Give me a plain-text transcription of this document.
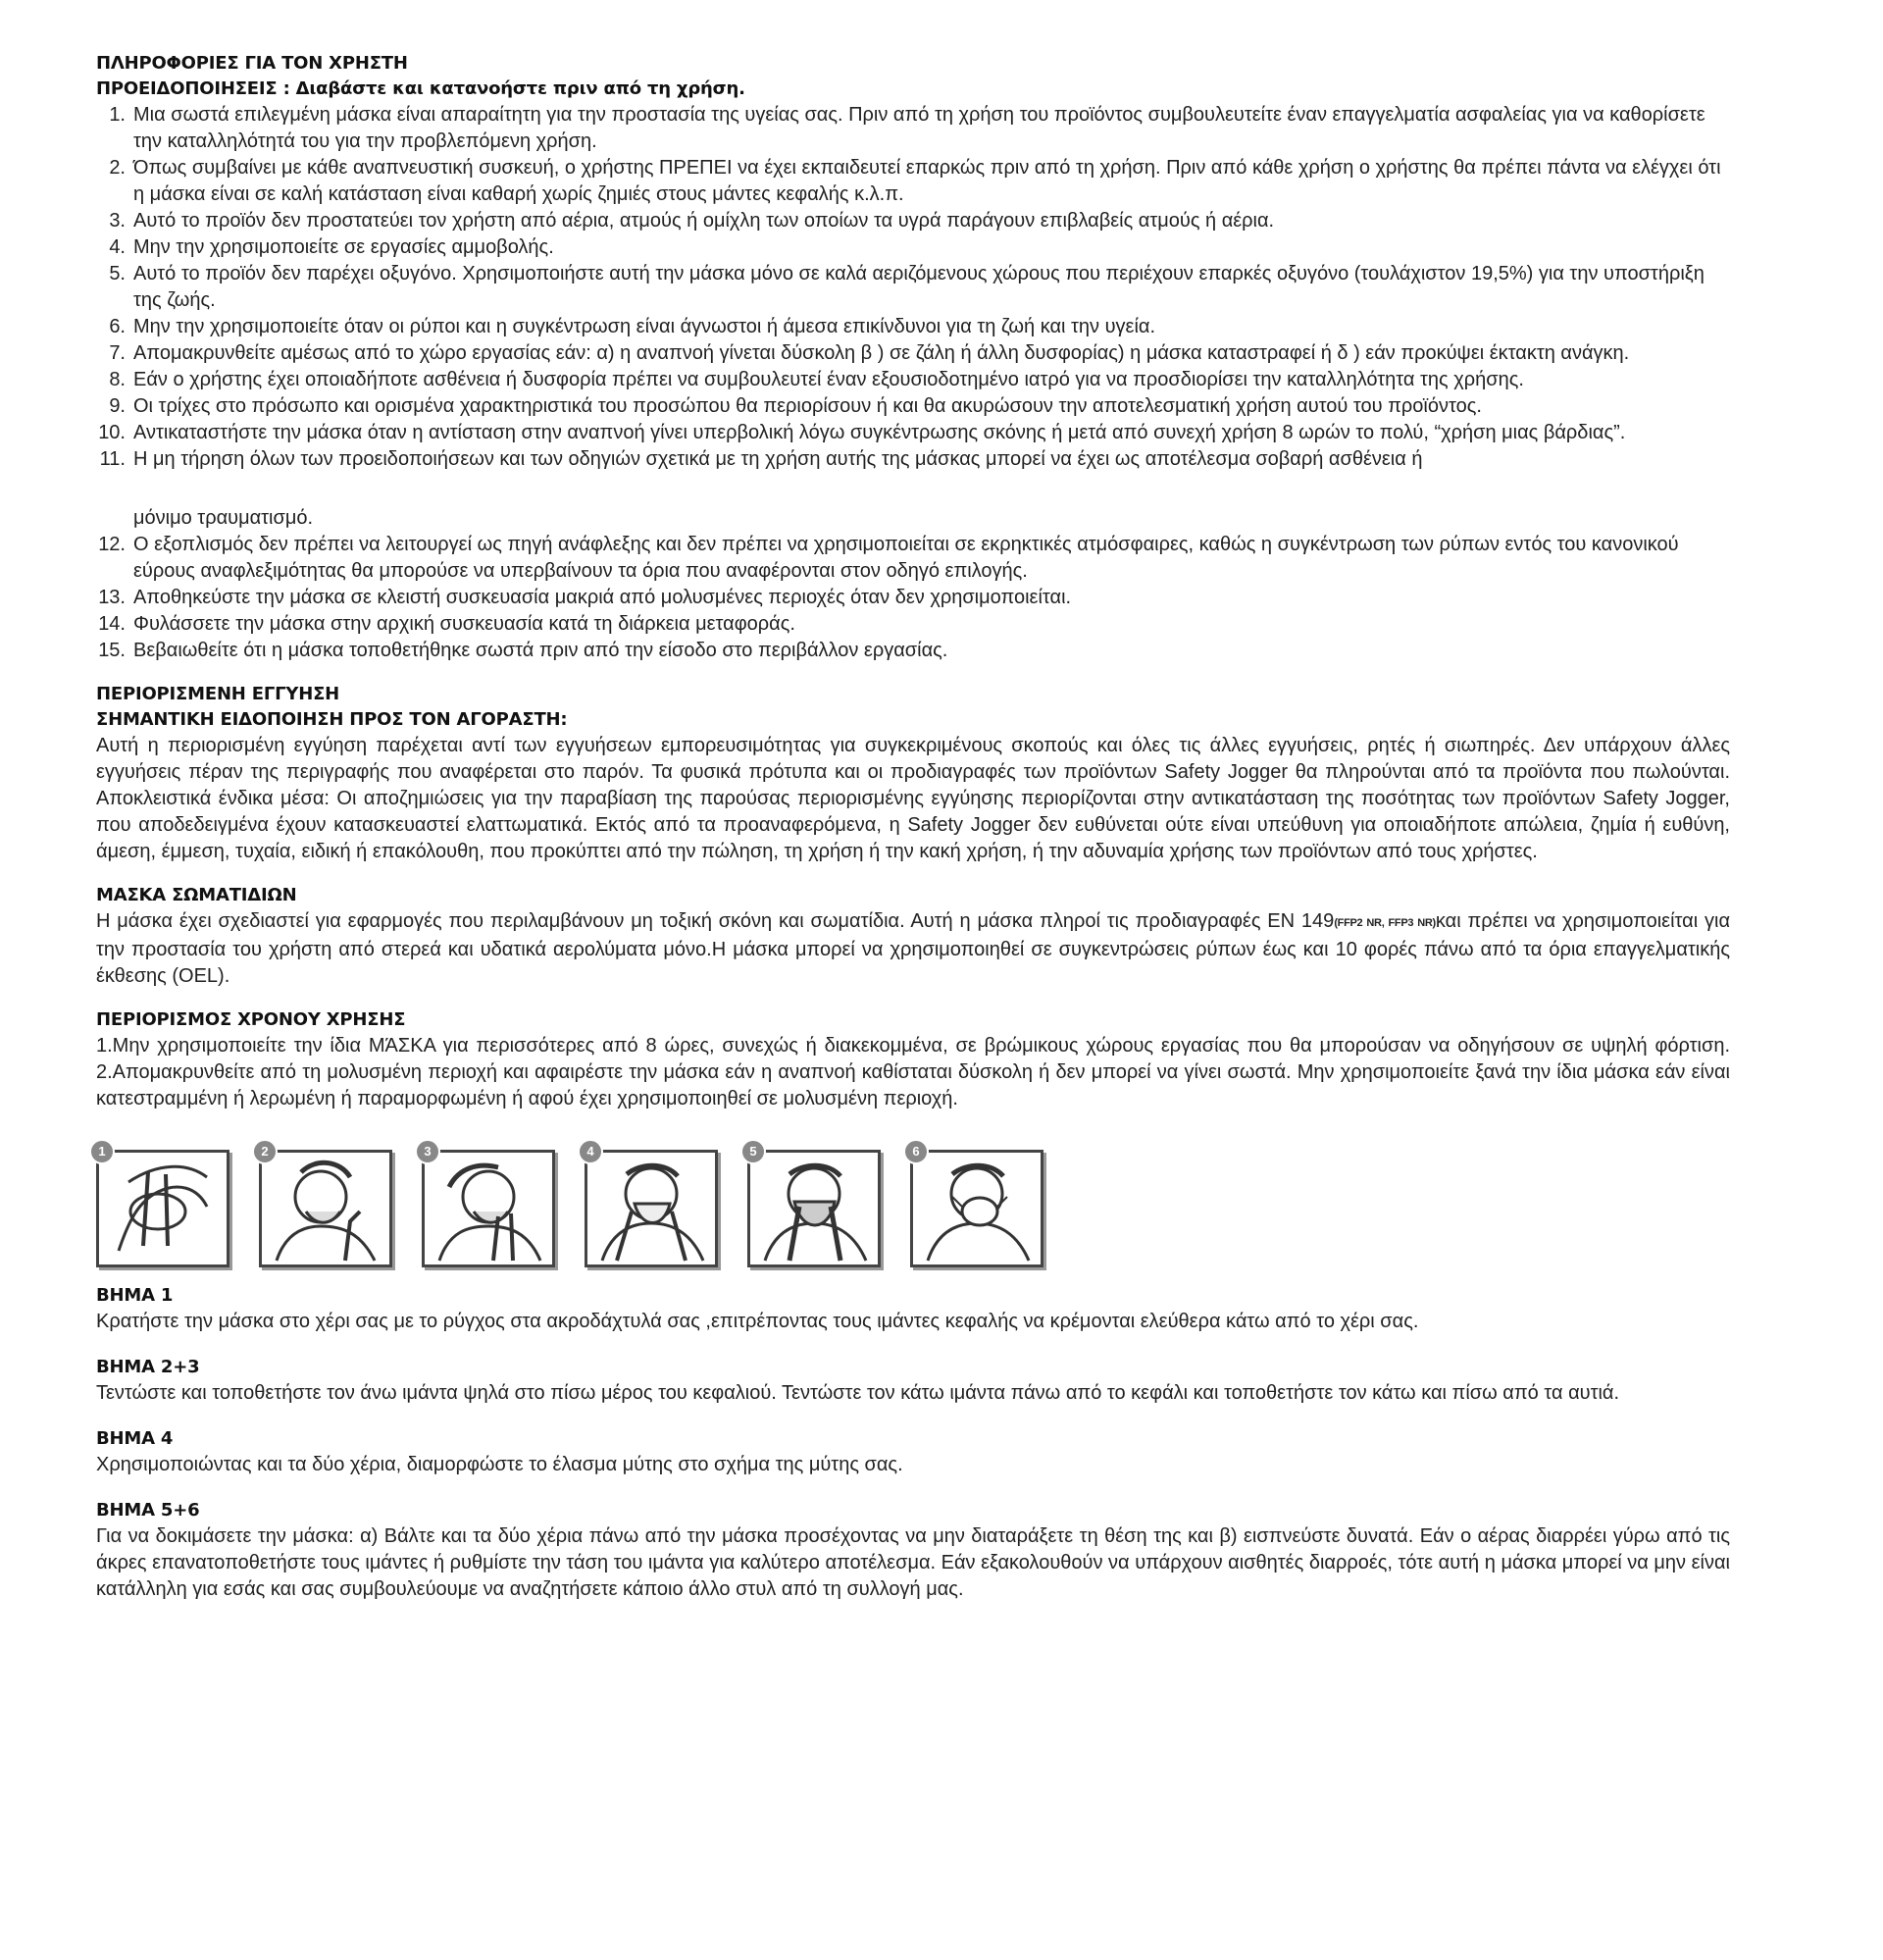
ΠΛΗΡΟΦΟΡΙΕΣ ΓΙΑ ΤΟΝ ΧΡΗΣΤΗ
ΠΡΟΕΙΔΟΠΟΙΗΣΕΙΣ : Διαβάστε και κατανοήστε πριν από τη χρήση.
1. Μια σωστά επιλεγμένη μάσκα είναι απαραίτητη για την προστασία της υγείας σας. Πριν από τη χρήση του προϊόντος συμβουλευτείτε έναν επαγγελματία ασφαλείας για να καθορίσετε την καταλληλότητά του για την προβλεπόμενη χρήση.
2. Όπως συμβαίνει με κάθε αναπνευστική συσκευή, ο χρήστης ΠΡΕΠΕΙ να έχει εκπαιδευτεί επαρκώς πριν από τη χρήση. Πριν από κάθε χρήση ο χρήστης θα πρέπει πάντα να ελέγχει ότι η μάσκα είναι σε καλή κατάσταση είναι καθαρή χωρίς ζημιές στους μάντες κεφαλής κ.λ.π.
3. Αυτό το προϊόν δεν προστατεύει τον χρήστη από αέρια, ατμούς ή ομίχλη των οποίων τα υγρά παράγουν επιβλαβείς ατμούς ή αέρια.
4. Μην την χρησιμοποιείτε σε εργασίες αμμοβολής.
5. Αυτό το προϊόν δεν παρέχει οξυγόνο. Χρησιμοποιήστε αυτή την μάσκα μόνο σε καλά αεριζόμενους χώρους που περιέχουν επαρκές οξυγόνο (τουλάχιστον 19,5%) για την υποστήριξη της ζωής.
6. Μην την χρησιμοποιείτε όταν οι ρύποι και η συγκέντρωση είναι άγνωστοι ή άμεσα επικίνδυνοι για τη ζωή και την υγεία.
7. Απομακρυνθείτε αμέσως από το χώρο εργασίας εάν: α) η αναπνοή γίνεται δύσκολη β ) σε ζάλη ή άλλη δυσφορίας) η μάσκα καταστραφεί ή δ ) εάν προκύψει έκτακτη ανάγκη.
8. Εάν ο χρήστης έχει οποιαδήποτε ασθένεια ή δυσφορία πρέπει να συμβουλευτεί έναν εξουσιοδοτημένο ιατρό για να προσδιορίσει την καταλληλότητα της χρήσης.
9. Οι τρίχες στο πρόσωπο και ορισμένα χαρακτηριστικά του προσώπου θα περιορίσουν ή και θα ακυρώσουν την αποτελεσματική χρήση αυτού του προϊόντος.
10. Αντικαταστήστε την μάσκα όταν η αντίσταση στην αναπνοή γίνει υπερβολική λόγω συγκέντρωσης σκόνης ή μετά από συνεχή χρήση 8 ωρών το πολύ, “χρήση μιας βάρδιας”.
11. Η μη τήρηση όλων των προειδοποιήσεων και των οδηγιών σχετικά με τη χρήση αυτής της μάσκας μπορεί να έχει ως αποτέλεσμα σοβαρή ασθένεια ή
μόνιμο τραυματισμό.
12. Ο εξοπλισμός δεν πρέπει να λειτουργεί ως πηγή ανάφλεξης και δεν πρέπει να χρησιμοποιείται σε εκρηκτικές ατμόσφαιρες, καθώς η συγκέντρωση των ρύπων εντός του κανονικού εύρους αναφλεξιμότητας θα μπορούσε να υπερβαίνουν τα όρια που αναφέρονται στον οδηγό επιλογής.
13. Αποθηκεύστε την μάσκα σε κλειστή συσκευασία μακριά από μολυσμένες περιοχές όταν δεν χρησιμοποιείται.
14. Φυλάσσετε την μάσκα στην αρχική συσκευασία κατά τη διάρκεια μεταφοράς.
15. Βεβαιωθείτε ότι η μάσκα τοποθετήθηκε σωστά πριν από την είσοδο στο περιβάλλον εργασίας.
ΠΕΡΙΟΡΙΣΜΕΝΗ ΕΓΓΥΗΣΗ
ΣΗΜΑΝΤΙΚΗ ΕΙΔΟΠΟΙΗΣΗ ΠΡΟΣ ΤΟΝ ΑΓΟΡΑΣΤΗ:

Αυτή η περιορισμένη εγγύηση παρέχεται αντί των εγγυήσεων εμπορευσιμότητας για συγκεκριμένους σκοπούς και όλες τις άλλες εγγυήσεις, ρητές ή σιωπηρές. Δεν υπάρχουν άλλες εγγυήσεις πέραν της περιγραφής που αναφέρεται στο παρόν. Τα φυσικά πρότυπα και οι προδιαγραφές των προϊόντων Safety Jogger θα πληρούνται από τα προϊόντα που πωλούνται. Αποκλειστικά ένδικα μέσα: Οι αποζημιώσεις για την παραβίαση της παρούσας περιορισμένης εγγύησης περιορίζονται στην αντικατάσταση της ποσότητας των προϊόντων Safety Jogger, που αποδεδειγμένα έχουν κατασκευαστεί ελαττωματικά. Εκτός από τα προαναφερόμενα, η Safety Jogger δεν ευθύνεται ούτε είναι υπεύθυνη για οποιαδήποτε απώλεια, ζημία ή ευθύνη, άμεση, έμμεση, τυχαία, ειδική ή επακόλουθη, που προκύπτει από την πώληση, τη χρήση ή την κακή χρήση, ή την αδυναμία χρήσης των προϊόντων από τους χρήστες.

ΜΑΣΚΑ ΣΩΜΑΤΙΔΙΩΝ

Η μάσκα έχει σχεδιαστεί για εφαρμογές που περιλαμβάνουν μη τοξική σκόνη και σωματίδια. Αυτή η μάσκα πληροί τις προδιαγραφές EN 149(FFP2 NR, FFP3 NR)και πρέπει να χρησιμοποιείται για την προστασία του χρήστη από στερεά και υδατικά αερολύματα μόνο.Η μάσκα μπορεί να χρησιμοποιηθεί σε συγκεντρώσεις ρύπων έως και 10 φορές πάνω από τα όρια επαγγελματικής έκθεσης (OEL).

ΠΕΡΙΟΡΙΣΜΟΣ ΧΡΟΝΟΥ ΧΡΗΣΗΣ

1.Μην χρησιμοποιείτε την ίδια ΜΆΣΚΑ για περισσότερες από 8 ώρες, συνεχώς ή διακεκομμένα, σε βρώμικους χώρους εργασίας που θα μπορούσαν να οδηγήσουν σε υψηλή φόρτιση. 2.Απομακρυνθείτε από τη μολυσμένη περιοχή και αφαιρέστε την μάσκα εάν η αναπνοή καθίσταται δύσκολη ή δεν μπορεί να γίνει σωστά. Μην χρησιμοποιείτε ξανά την ίδια μάσκα εάν είναι κατεστραμμένη ή λερωμένη ή παραμορφωμένη ή αφού έχει χρησιμοποιηθεί σε μολυσμένη περιοχή.

1	2	3	4	5	6
ΒΗΜΑ 1

Κρατήστε την μάσκα στο χέρι σας με το ρύγχος στα ακροδάχτυλά σας ,επιτρέποντας τους ιμάντες κεφαλής να κρέμονται ελεύθερα κάτω από το χέρι σας.

ΒΗΜΑ 2+3

Τεντώστε και τοποθετήστε τον άνω ιμάντα ψηλά στο πίσω μέρος του κεφαλιού. Τεντώστε τον κάτω ιμάντα πάνω από το κεφάλι και τοποθετήστε τον κάτω και πίσω από τα αυτιά.

ΒΗΜΑ 4

Χρησιμοποιώντας και τα δύο χέρια, διαμορφώστε το έλασμα μύτης στο σχήμα της μύτης σας.

ΒΗΜΑ 5+6

Για να δοκιμάσετε την μάσκα: α) Βάλτε και τα δύο χέρια πάνω από την μάσκα προσέχοντας να μην διαταράξετε τη θέση της και β) εισπνεύστε δυνατά. Εάν ο αέρας διαρρέει γύρω από τις άκρες επανατοποθετήστε τους ιμάντες ή ρυθμίστε την τάση του ιμάντα για καλύτερο αποτέλεσμα. Εάν εξακολουθούν να υπάρχουν αισθητές διαρροές, τότε αυτή η μάσκα μπορεί να μην είναι κατάλληλη για εσάς και σας συμβουλεύουμε να αναζητήσετε κάποιο άλλο στυλ από τη συλλογή μας.
